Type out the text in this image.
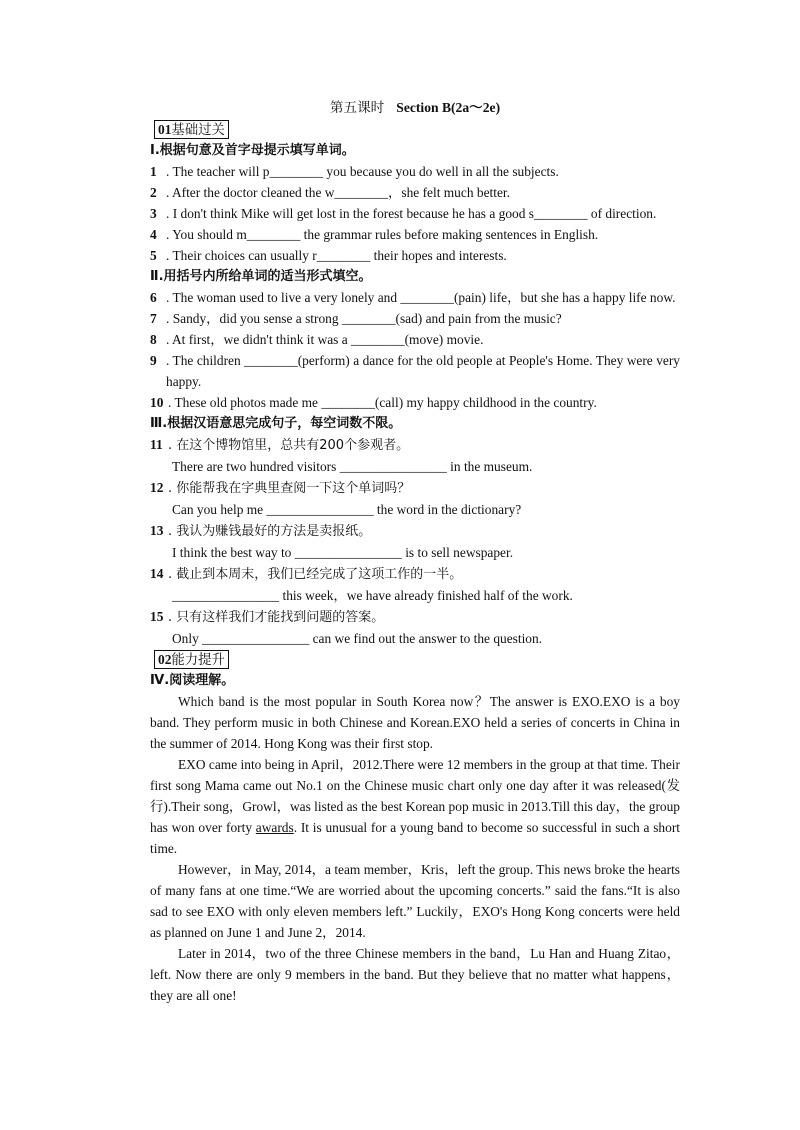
第五课时 Section B(2a～2e)
01基础过关
Ⅰ.根据句意及首字母提示填写单词。
1 . The teacher will p________ you because you do well in all the subjects.
2 . After the doctor cleaned the w________，she felt much better.
3 . I don't think Mike will get lost in the forest because he has a good s________ of direction.
4 . You should m________ the grammar rules before making sentences in English.
5 . Their choices can usually r________ their hopes and interests.
Ⅱ.用括号内所给单词的适当形式填空。
6 . The woman used to live a very lonely and ________(pain) life，but she has a happy life now.
7 . Sandy，did you sense a strong ________(sad) and pain from the music?
8 . At first，we didn't think it was a ________(move) movie.
9 . The children ________(perform) a dance for the old people at People's Home. They were very happy.
10 . These old photos made me ________(call) my happy childhood in the country.
Ⅲ.根据汉语意思完成句子，每空词数不限。
11 . 在这个博物馆里，总共有200个参观者。
There are two hundred visitors ________________ in the museum.
12 . 你能帮我在字典里查阅一下这个单词吗？
Can you help me ________________ the word in the dictionary?
13 . 我认为赚钱最好的方法是卖报纸。
I think the best way to ________________ is to sell newspaper.
14 . 截止到本周末，我们已经完成了这项工作的一半。
________________ this week，we have already finished half of the work.
15 . 只有这样我们才能找到问题的答案。
Only ________________ can we find out the answer to the question.
02能力提升
Ⅳ.阅读理解。

Which band is the most popular in South Korea now？The answer is EXO.EXO is a boy band. They perform music in both Chinese and Korean.EXO held a series of concerts in China in the summer of 2014. Hong Kong was their first stop.

EXO came into being in April，2012.There were 12 members in the group at that time. Their first song Mama came out No.1 on the Chinese music chart only one day after it was released(发行).Their song，Growl，was listed as the best Korean pop music in 2013.Till this day，the group has won over forty awards. It is unusual for a young band to become so successful in such a short time.

However，in May, 2014，a team member，Kris，left the group. This news broke the hearts of many fans at one time.“We are worried about the upcoming concerts.” said the fans.“It is also sad to see EXO with only eleven members left.” Luckily，EXO's Hong Kong concerts were held as planned on June 1 and June 2，2014.

Later in 2014，two of the three Chinese members in the band，Lu Han and Huang Zitao，left. Now there are only 9 members in the band. But they believe that no matter what happens，they are all one!
